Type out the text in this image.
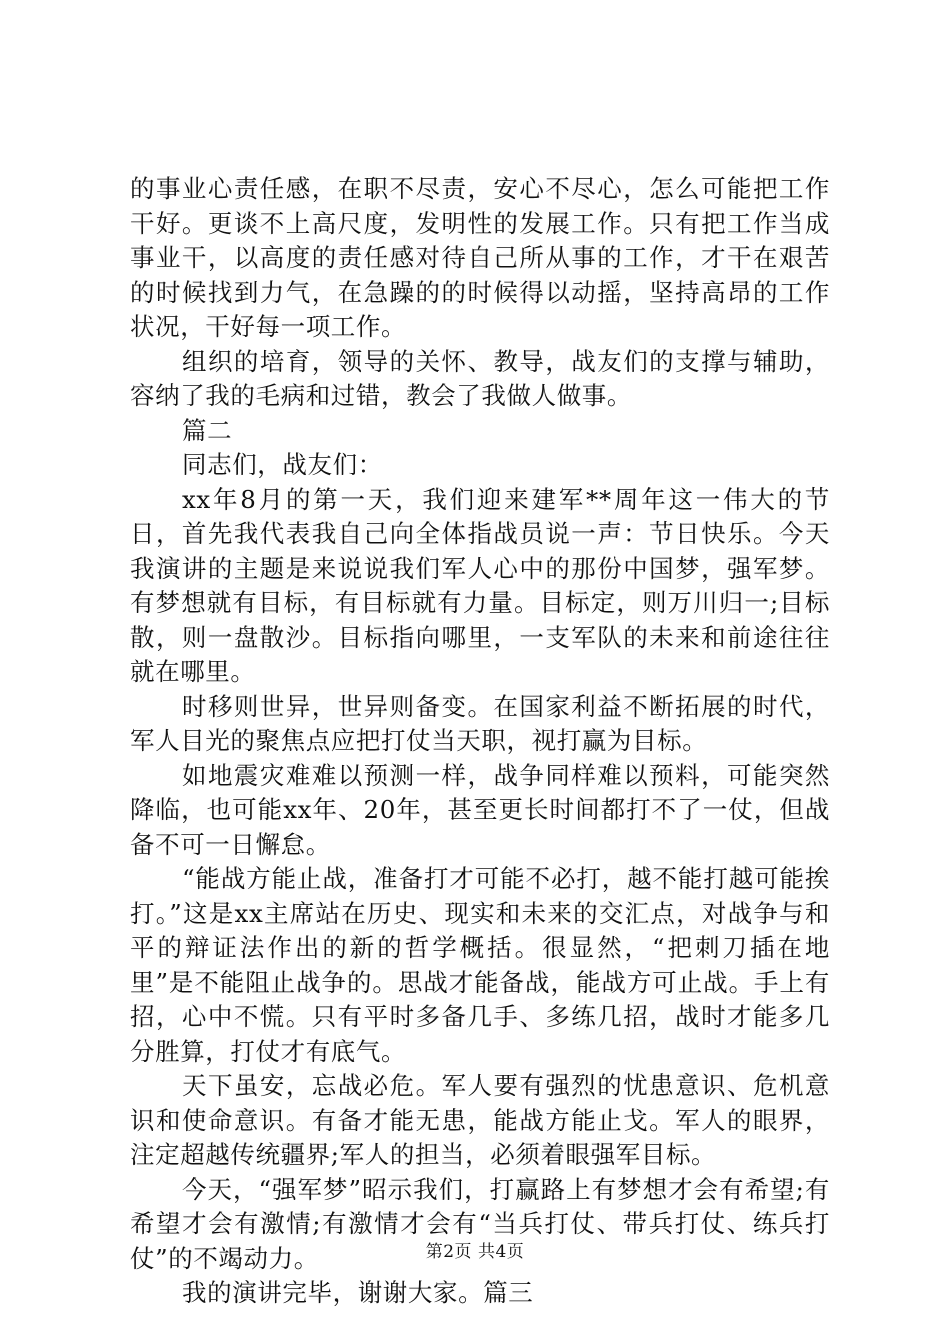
的事业心责任感，在职不尽责，安心不尽心，怎么可能把工作干好。更谈不上高尺度，发明性的发展工作。只有把工作当成事业干，以高度的责任感对待自己所从事的工作，才干在艰苦的时候找到力气，在急躁的的时候得以动摇，坚持高昂的工作状况，干好每一项工作。

组织的培育，领导的关怀、教导，战友们的支撑与辅助，容纳了我的毛病和过错，教会了我做人做事。

篇二

同志们，战友们：

xx年8月的第一天，我们迎来建军**周年这一伟大的节日，首先我代表我自己向全体指战员说一声：节日快乐。今天我演讲的主题是来说说我们军人心中的那份中国梦，强军梦。有梦想就有目标，有目标就有力量。目标定，则万川归一;目标散，则一盘散沙。目标指向哪里，一支军队的未来和前途往往就在哪里。

时移则世异，世异则备变。在国家利益不断拓展的时代，军人目光的聚焦点应把打仗当天职，视打赢为目标。

如地震灾难难以预测一样，战争同样难以预料，可能突然降临，也可能xx年、20年，甚至更长时间都打不了一仗，但战备不可一日懈怠。

“能战方能止战，准备打才可能不必打，越不能打越可能挨打。”这是xx主席站在历史、现实和未来的交汇点，对战争与和平的辩证法作出的新的哲学概括。很显然，“把刺刀插在地里”是不能阻止战争的。思战才能备战，能战方可止战。手上有招，心中不慌。只有平时多备几手、多练几招，战时才能多几分胜算，打仗才有底气。

天下虽安，忘战必危。军人要有强烈的忧患意识、危机意识和使命意识。有备才能无患，能战方能止戈。军人的眼界，注定超越传统疆界;军人的担当，必须着眼强军目标。

今天，“强军梦”昭示我们，打赢路上有梦想才会有希望;有希望才会有激情;有激情才会有“当兵打仗、带兵打仗、练兵打仗”的不竭动力。

我的演讲完毕，谢谢大家。篇三

第2页 共4页
